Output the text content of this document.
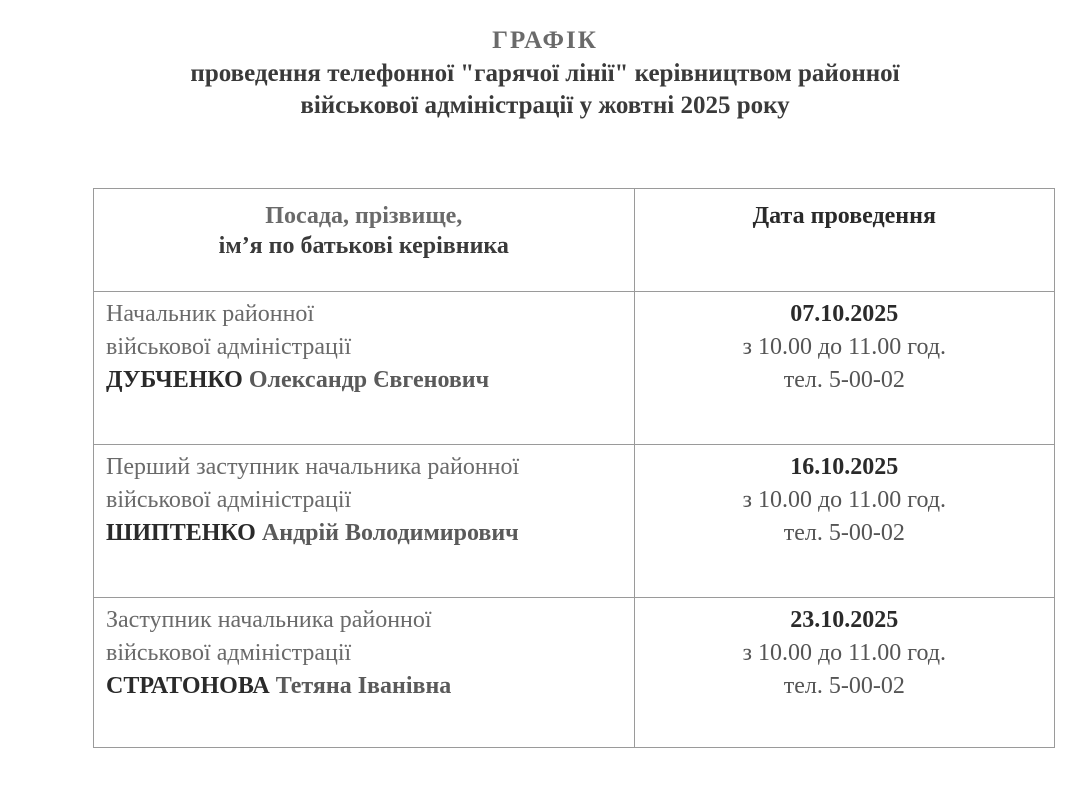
ГРАФІК
проведення телефонної "гарячої лінії" керівництвом районної
військової адміністрації у жовтні 2025 року
Посада, прізвище,
ім’я по батькові керівника	Дата проведення

Начальник районної
військової адміністрації
ДУБЧЕНКО Олександр Євгенович	07.10.2025
з 10.00 до 11.00 год.
тел. 5-00-02

Перший заступник начальника районної
військової адміністрації
ШИПТЕНКО Андрій Володимирович	16.10.2025
з 10.00 до 11.00 год.
тел. 5-00-02

Заступник начальника районної
військової адміністрації
СТРАТОНОВА Тетяна Іванівна	23.10.2025
з 10.00 до 11.00 год.
тел. 5-00-02
